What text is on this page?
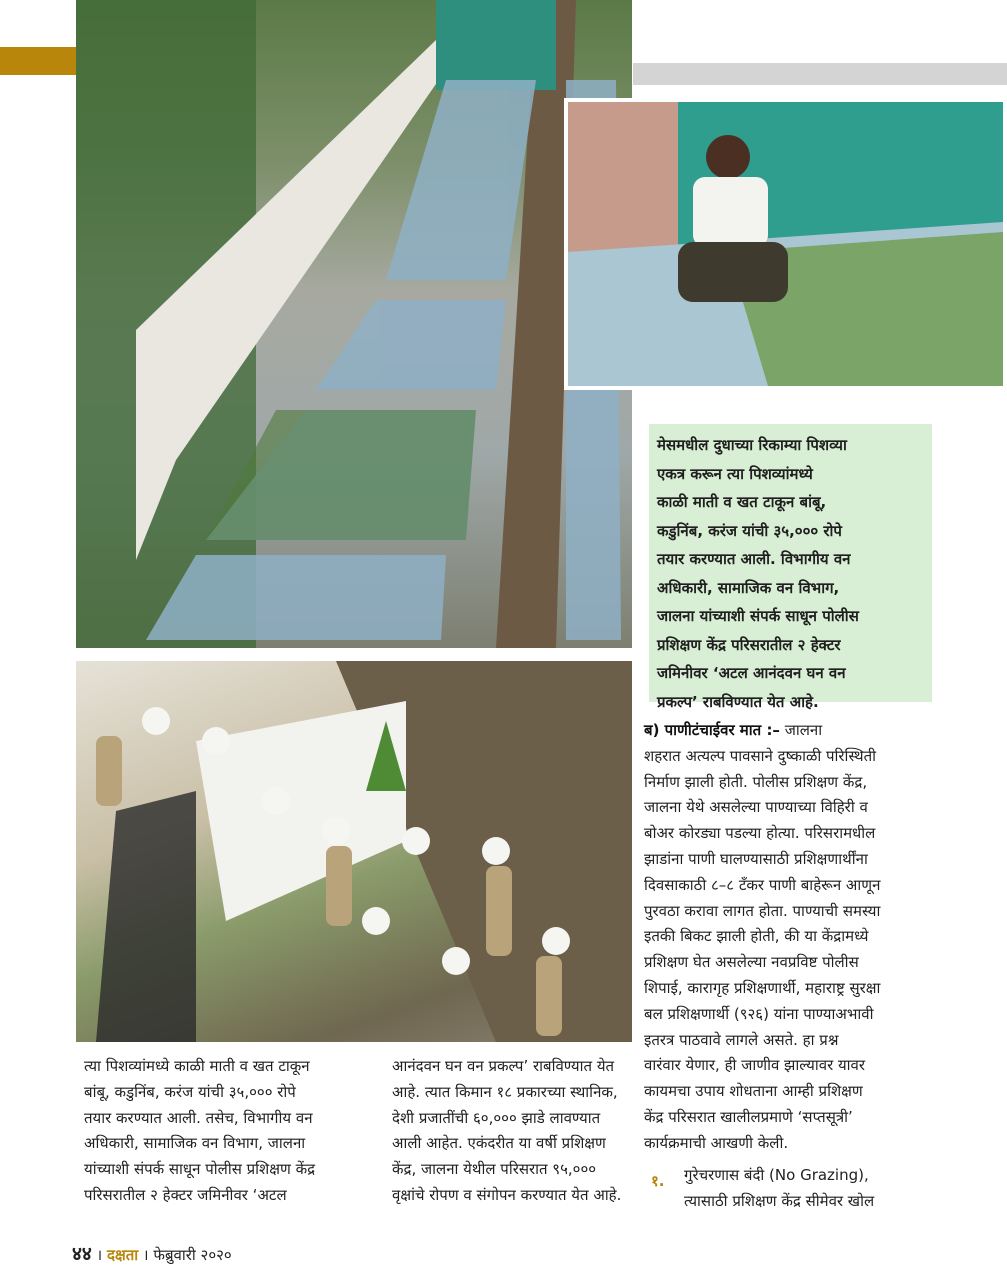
मेसमधील दुधाच्या रिकाम्या पिशव्या
एकत्र करून त्या पिशव्यांमध्ये
काळी माती व खत टाकून बांबू,
कडुनिंब, करंज यांची ३५,००० रोपे
तयार करण्यात आली. विभागीय वन
अधिकारी, सामाजिक वन विभाग,
जालना यांच्याशी संपर्क साधून पोलीस
प्रशिक्षण केंद्र परिसरातील २ हेक्टर
जमिनीवर ‘अटल आनंदवन घन वन
प्रकल्प’ राबविण्यात येत आहे.

ब) पाणीटंचाईवर मात :– जालना
शहरात अत्यल्प पावसाने दुष्काळी परिस्थिती
निर्माण झाली होती. पोलीस प्रशिक्षण केंद्र,
जालना येथे असलेल्या पाण्याच्या विहिरी व
बोअर कोरड्या पडल्या होत्या. परिसरामधील
झाडांना पाणी घालण्यासाठी प्रशिक्षणार्थींना
दिवसाकाठी ८–८ टँकर पाणी बाहेरून आणून
पुरवठा करावा लागत होता. पाण्याची समस्या
इतकी बिकट झाली होती, की या केंद्रामध्ये
प्रशिक्षण घेत असलेल्या नवप्रविष्ट पोलीस
शिपाई, कारागृह प्रशिक्षणार्थी, महाराष्ट्र सुरक्षा
बल प्रशिक्षणार्थी (९२६) यांना पाण्याअभावी
इतरत्र पाठवावे लागले असते. हा प्रश्न
वारंवार येणार, ही जाणीव झाल्यावर यावर
कायमचा उपाय शोधताना आम्ही प्रशिक्षण
केंद्र परिसरात खालीलप्रमाणे ‘सप्तसूत्री’
कार्यक्रमाची आखणी केली.

१. गुरेचरणास बंदी (No Grazing),
त्यासाठी प्रशिक्षण केंद्र सीमेवर खोल

त्या पिशव्यांमध्ये काळी माती व खत टाकून
बांबू, कडुनिंब, करंज यांची ३५,००० रोपे
तयार करण्यात आली. तसेच, विभागीय वन
अधिकारी, सामाजिक वन विभाग, जालना
यांच्याशी संपर्क साधून पोलीस प्रशिक्षण केंद्र
परिसरातील २ हेक्टर जमिनीवर ‘अटल

आनंदवन घन वन प्रकल्प’ राबविण्यात येत
आहे. त्यात किमान १८ प्रकारच्या स्थानिक,
देशी प्रजातींची ६०,००० झाडे लावण्यात
आली आहेत. एकंदरीत या वर्षी प्रशिक्षण
केंद्र, जालना येथील परिसरात ९५,०००
वृक्षांचे रोपण व संगोपन करण्यात येत आहे.

४४ । दक्षता । फेब्रुवारी २०२०
